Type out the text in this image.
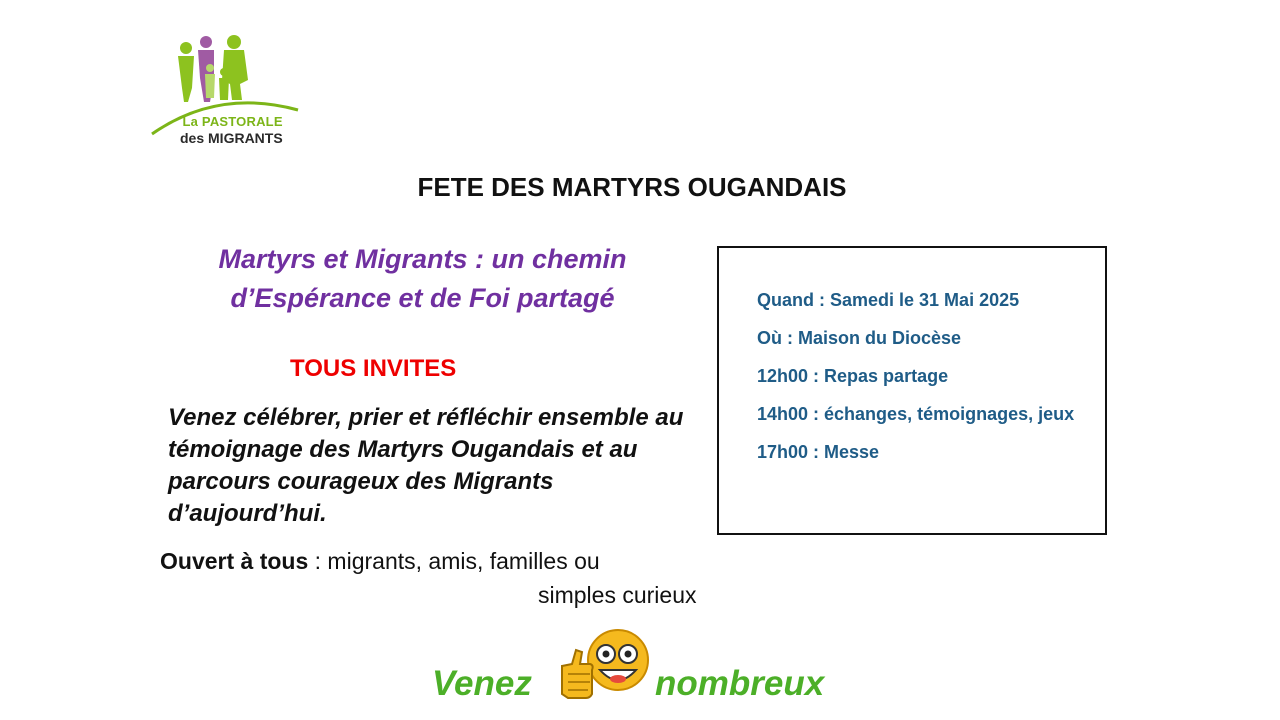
La PASTORALE
des MIGRANTS
FETE DES MARTYRS OUGANDAIS
Martyrs et Migrants : un chemin d’Espérance et de Foi partagé
TOUS INVITES
Venez célébrer, prier et réfléchir ensemble au témoignage des Martyrs Ougandais et au parcours courageux des Migrants d’aujourd’hui.
Ouvert à tous : migrants, amis, familles ou
simples curieux
Quand : Samedi le 31 Mai 2025
Où : Maison du Diocèse
12h00 : Repas partage
14h00 : échanges, témoignages, jeux
17h00 : Messe
Venez	nombreux
